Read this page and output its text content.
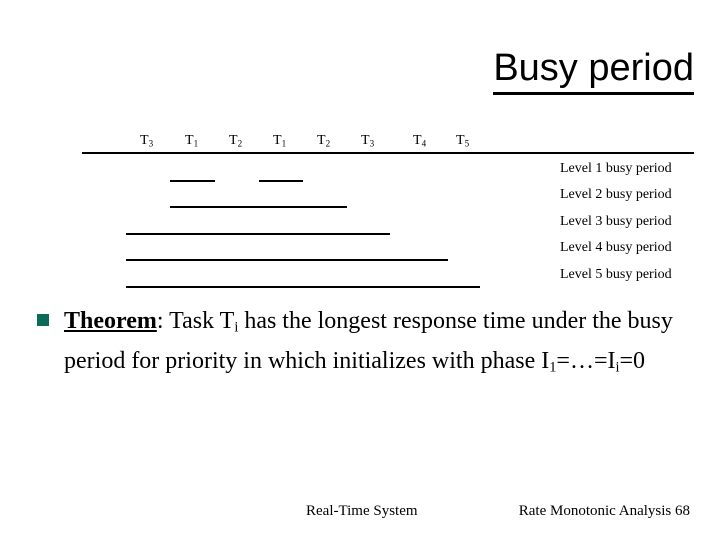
Busy period
$T_3$ $T_1$ $T_2$ $T_1$ $T_2$ $T_3$	$T_4$ $T_5$
Level 1 busy period
Level 2 busy period
Level 3 busy period
Level 4 busy period
Level 5 busy period
Theorem: Task $T_i$ has the longest response time under the busy period for priority in which initializes with phase $I_1=\dots=I_i=0$
Real-Time System	Rate Monotonic Analysis 68
